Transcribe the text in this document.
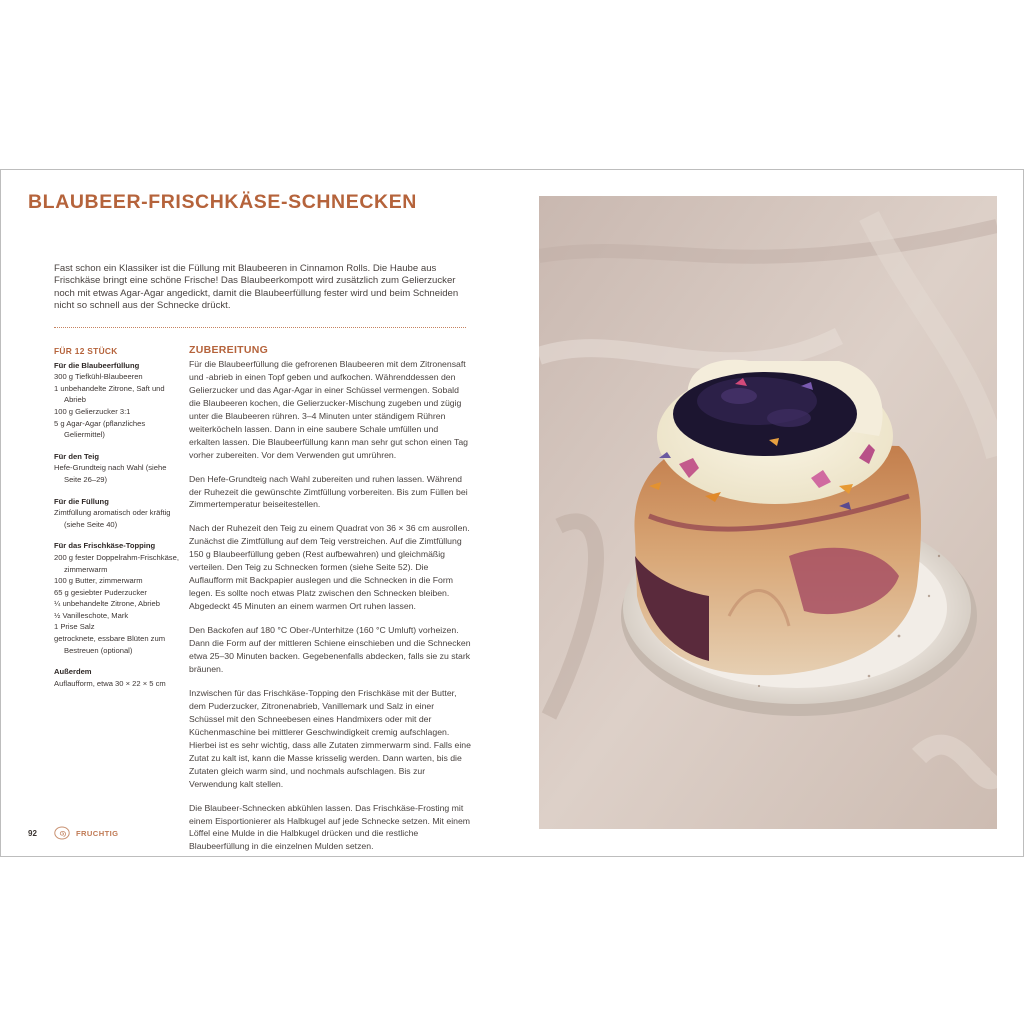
BLAUBEER-FRISCHKÄSE-SCHNECKEN

Fast schon ein Klassiker ist die Füllung mit Blaubeeren in Cinnamon Rolls. Die Haube aus Frischkäse bringt eine schöne Frische! Das Blaubeerkompott wird zusätzlich zum Gelierzucker noch mit etwas Agar-Agar angedickt, damit die Blaubeerfüllung fester wird und beim Schneiden nicht so schnell aus der Schnecke drückt.

FÜR 12 STÜCK
Für die Blaubeerfüllung
300 g Tiefkühl-Blaubeeren
1 unbehandelte Zitrone, Saft und Abrieb
100 g Gelierzucker 3:1
5 g Agar-Agar (pflanzliches Geliermittel)
Für den Teig
Hefe-Grundteig nach Wahl (siehe Seite 26–29)
Für die Füllung
Zimtfüllung aromatisch oder kräftig (siehe Seite 40)
Für das Frischkäse-Topping
200 g fester Doppelrahm-Frischkäse, zimmerwarm
100 g Butter, zimmerwarm
65 g gesiebter Puderzucker
¼ unbehandelte Zitrone, Abrieb
½ Vanilleschote, Mark
1 Prise Salz
getrocknete, essbare Blüten zum Bestreuen (optional)
Außerdem
Auflaufform, etwa 30 × 22 × 5 cm
ZUBEREITUNG

Für die Blaubeerfüllung die gefrorenen Blaubeeren mit dem Zitronensaft und -abrieb in einen Topf geben und aufkochen. Währenddessen den Gelierzucker und das Agar-Agar in einer Schüssel vermengen. Sobald die Blaubeeren kochen, die Gelierzucker-Mischung zugeben und zügig unter die Blaubeeren rühren. 3–4 Minuten unter ständigem Rühren weiterköcheln lassen. Dann in eine saubere Schale umfüllen und erkalten lassen. Die Blaubeerfüllung kann man sehr gut schon einen Tag vorher zubereiten. Vor dem Verwenden gut umrühren.

Den Hefe-Grundteig nach Wahl zubereiten und ruhen lassen. Während der Ruhezeit die gewünschte Zimtfüllung vorbereiten. Bis zum Füllen bei Zimmertemperatur beiseitestellen.

Nach der Ruhezeit den Teig zu einem Quadrat von 36 × 36 cm ausrollen. Zunächst die Zimtfüllung auf dem Teig verstreichen. Auf die Zimtfüllung 150 g Blaubeerfüllung geben (Rest aufbewahren) und gleichmäßig verteilen. Den Teig zu Schnecken formen (siehe Seite 52). Die Auflaufform mit Backpapier auslegen und die Schnecken in die Form legen. Es sollte noch etwas Platz zwischen den Schnecken bleiben. Abgedeckt 45 Minuten an einem warmen Ort ruhen lassen.

Den Backofen auf 180 °C Ober-/Unterhitze (160 °C Umluft) vorheizen. Dann die Form auf der mittleren Schiene einschieben und die Schnecken etwa 25–30 Minuten backen. Gegebenenfalls abdecken, falls sie zu stark bräunen.

Inzwischen für das Frischkäse-Topping den Frischkäse mit der Butter, dem Puderzucker, Zitronenabrieb, Vanillemark und Salz in einer Schüssel mit den Schneebesen eines Handmixers oder mit der Küchenmaschine bei mittlerer Geschwindigkeit cremig aufschlagen. Hierbei ist es sehr wichtig, dass alle Zutaten zimmerwarm sind. Falls eine Zutat zu kalt ist, kann die Masse krisselig werden. Dann warten, bis die Zutaten gleich warm sind, und nochmals aufschlagen. Bis zur Verwendung kalt stellen.

Die Blaubeer-Schnecken abkühlen lassen. Das Frischkäse-Frosting mit einem Eisportionierer als Halbkugel auf jede Schnecke setzen. Mit einem Löffel eine Mulde in die Halbkugel drücken und die restliche Blaubeerfüllung in die einzelnen Mulden setzen.

92	FRUCHTIG
